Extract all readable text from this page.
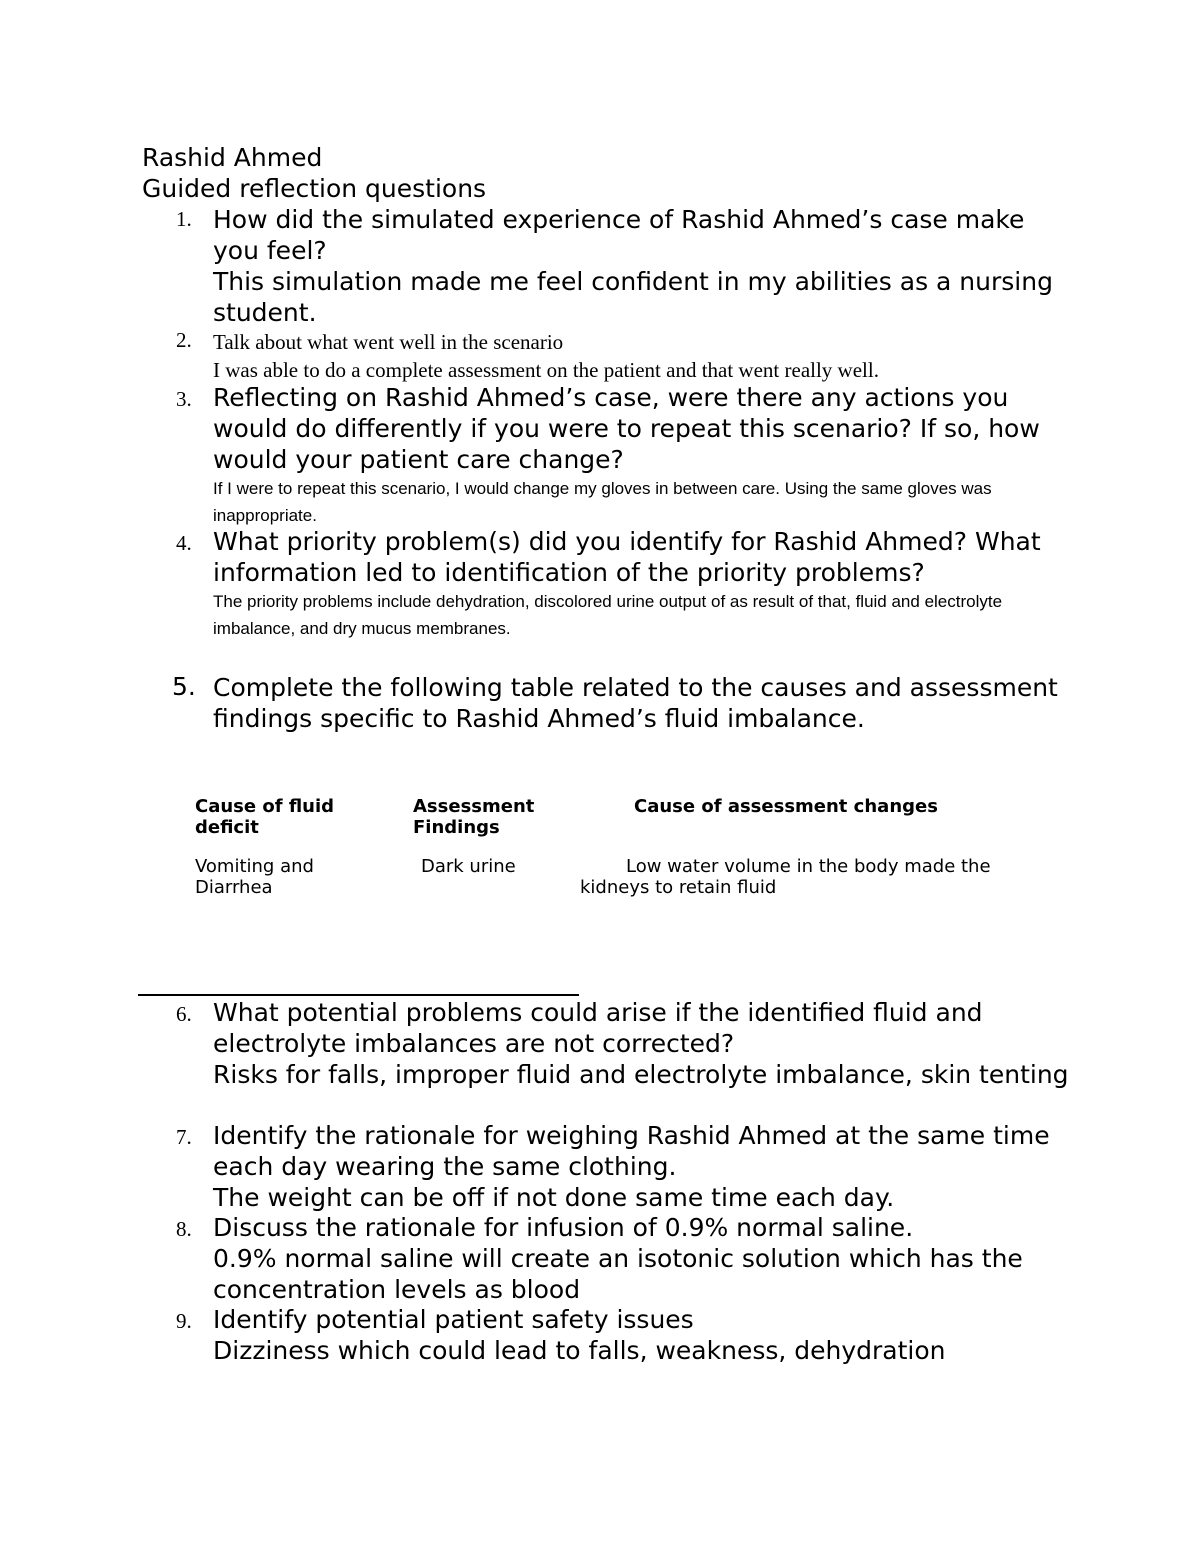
Rashid Ahmed
Guided reflection questions
1. How did the simulated experience of Rashid Ahmed’s case make you feel?
This simulation made me feel confident in my abilities as a nursing student.
2. Talk about what went well in the scenario
I was able to do a complete assessment on the patient and that went really well.
3. Reflecting on Rashid Ahmed’s case, were there any actions you would do differently if you were to repeat this scenario? If so, how would your patient care change?
If I were to repeat this scenario, I would change my gloves in between care. Using the same gloves was inappropriate.
4. What priority problem(s) did you identify for Rashid Ahmed? What information led to identification of the priority problems?
The priority problems include dehydration, discolored urine output of as result of that, fluid and electrolyte imbalance, and dry mucus membranes.
5. Complete the following table related to the causes and assessment findings specific to Rashid Ahmed’s fluid imbalance.
Cause of fluid deficit
Assessment Findings
Cause of assessment changes
Vomiting and Diarrhea
Dark urine	Low water volume in the body made the kidneys to retain fluid
6. What potential problems could arise if the identified fluid and electrolyte imbalances are not corrected?
Risks for falls, improper fluid and electrolyte imbalance, skin tenting
7. Identify the rationale for weighing Rashid Ahmed at the same time each day wearing the same clothing.
The weight can be off if not done same time each day.
8. Discuss the rationale for infusion of 0.9% normal saline.
0.9% normal saline will create an isotonic solution which has the concentration levels as blood
9. Identify potential patient safety issues
Dizziness which could lead to falls, weakness, dehydration
